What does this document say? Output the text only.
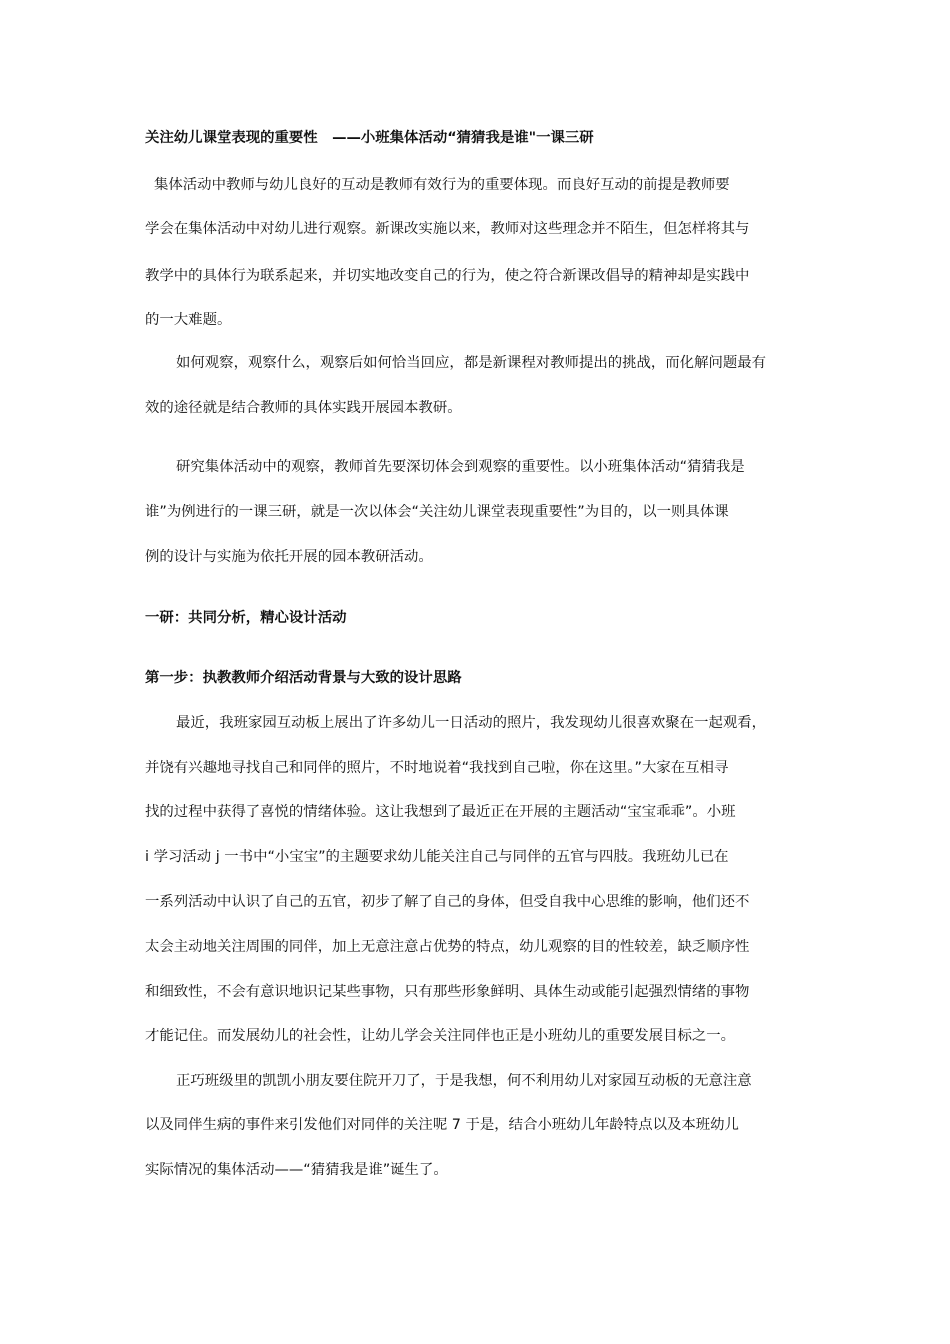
关注幼儿课堂表现的重要性　——小班集体活动“猜猜我是谁"一课三研
集体活动中教师与幼儿良好的互动是教师有效行为的重要体现。而良好互动的前提是教师要
学会在集体活动中对幼儿进行观察。新课改实施以来，教师对这些理念并不陌生，但怎样将其与
教学中的具体行为联系起来，并切实地改变自己的行为，使之符合新课改倡导的精神却是实践中
的一大难题。
如何观察，观察什么，观察后如何恰当回应，都是新课程对教师提出的挑战，而化解问题最有
效的途径就是结合教师的具体实践开展园本教研。
研究集体活动中的观察，教师首先要深切体会到观察的重要性。以小班集体活动“猜猜我是
谁”为例进行的一课三研，就是一次以体会“关注幼儿课堂表现重要性”为目的，以一则具体课
例的设计与实施为依托开展的园本教研活动。
一研：共同分析，精心设计活动
第一步：执教教师介绍活动背景与大致的设计思路
最近，我班家园互动板上展出了许多幼儿一日活动的照片，我发现幼儿很喜欢聚在一起观看，
并饶有兴趣地寻找自己和同伴的照片，不时地说着“我找到自己啦，你在这里。”大家在互相寻
找的过程中获得了喜悦的情绪体验。这让我想到了最近正在开展的主题活动“宝宝乖乖”。小班
i 学习活动 j 一书中“小宝宝”的主题要求幼儿能关注自己与同伴的五官与四肢。我班幼儿已在
一系列活动中认识了自己的五官，初步了解了自己的身体，但受自我中心思维的影响，他们还不
太会主动地关注周围的同伴，加上无意注意占优势的特点，幼儿观察的目的性较差，缺乏顺序性
和细致性，不会有意识地识记某些事物，只有那些形象鲜明、具体生动或能引起强烈情绪的事物
才能记住。而发展幼儿的社会性，让幼儿学会关注同伴也正是小班幼儿的重要发展目标之一。
正巧班级里的凯凯小朋友要住院开刀了，于是我想，何不利用幼儿对家园互动板的无意注意
以及同伴生病的事件来引发他们对同伴的关注呢 7 于是，结合小班幼儿年龄特点以及本班幼儿
实际情况的集体活动——“猜猜我是谁”诞生了。
